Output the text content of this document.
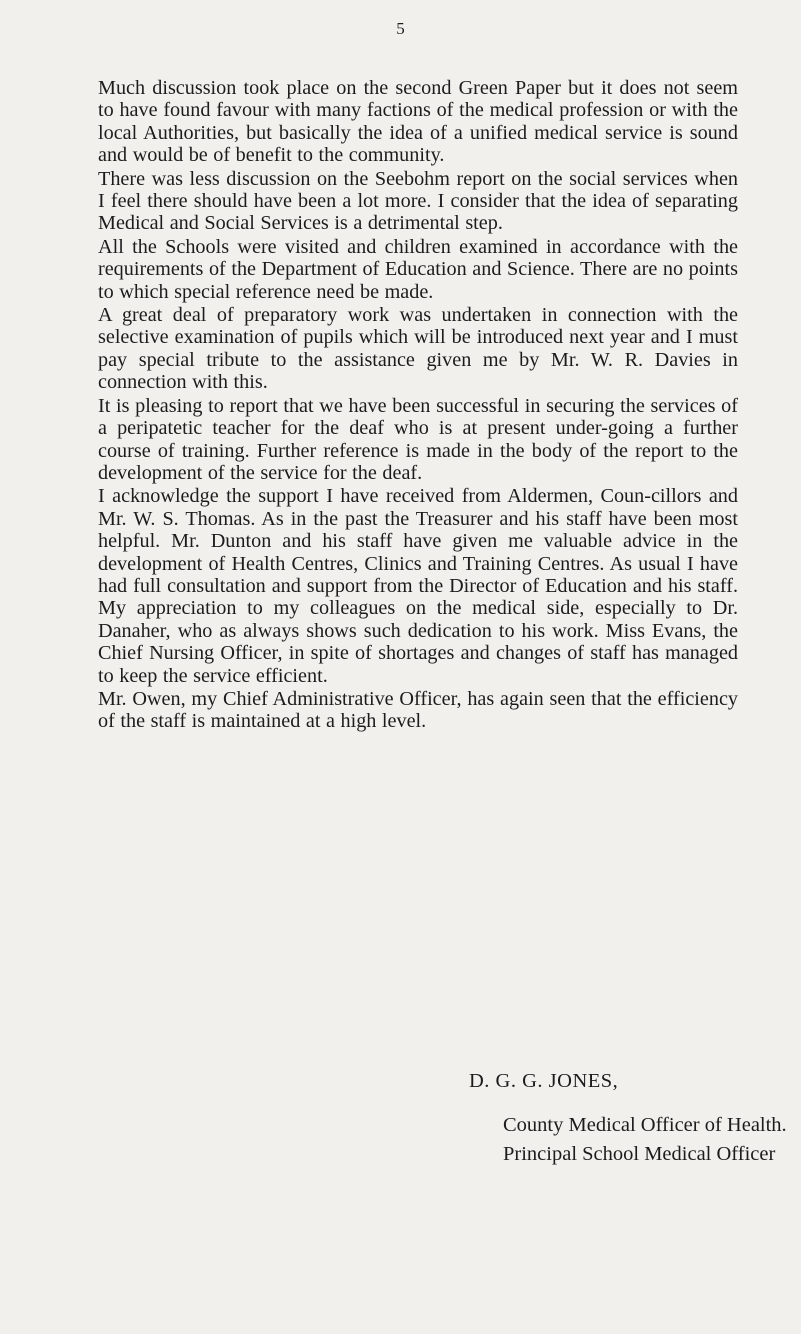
5

Much discussion took place on the second Green Paper but it does not seem to have found favour with many factions of the medical profession or with the local Authorities, but basically the idea of a unified medical service is sound and would be of benefit to the community.

There was less discussion on the Seebohm report on the social services when I feel there should have been a lot more. I consider that the idea of separating Medical and Social Services is a detrimental step.

All the Schools were visited and children examined in accordance with the requirements of the Department of Education and Science. There are no points to which special reference need be made.

A great deal of preparatory work was undertaken in connection with the selective examination of pupils which will be introduced next year and I must pay special tribute to the assistance given me by Mr. W. R. Davies in connection with this.

It is pleasing to report that we have been successful in securing the services of a peripatetic teacher for the deaf who is at present under-going a further course of training. Further reference is made in the body of the report to the development of the service for the deaf.

I acknowledge the support I have received from Aldermen, Coun-cillors and Mr. W. S. Thomas. As in the past the Treasurer and his staff have been most helpful. Mr. Dunton and his staff have given me valuable advice in the development of Health Centres, Clinics and Training Centres. As usual I have had full consultation and support from the Director of Education and his staff. My appreciation to my colleagues on the medical side, especially to Dr. Danaher, who as always shows such dedication to his work. Miss Evans, the Chief Nursing Officer, in spite of shortages and changes of staff has managed to keep the service efficient.

Mr. Owen, my Chief Administrative Officer, has again seen that the efficiency of the staff is maintained at a high level.

D. G. G. JONES,
County Medical Officer of Health.
Principal School Medical Officer
